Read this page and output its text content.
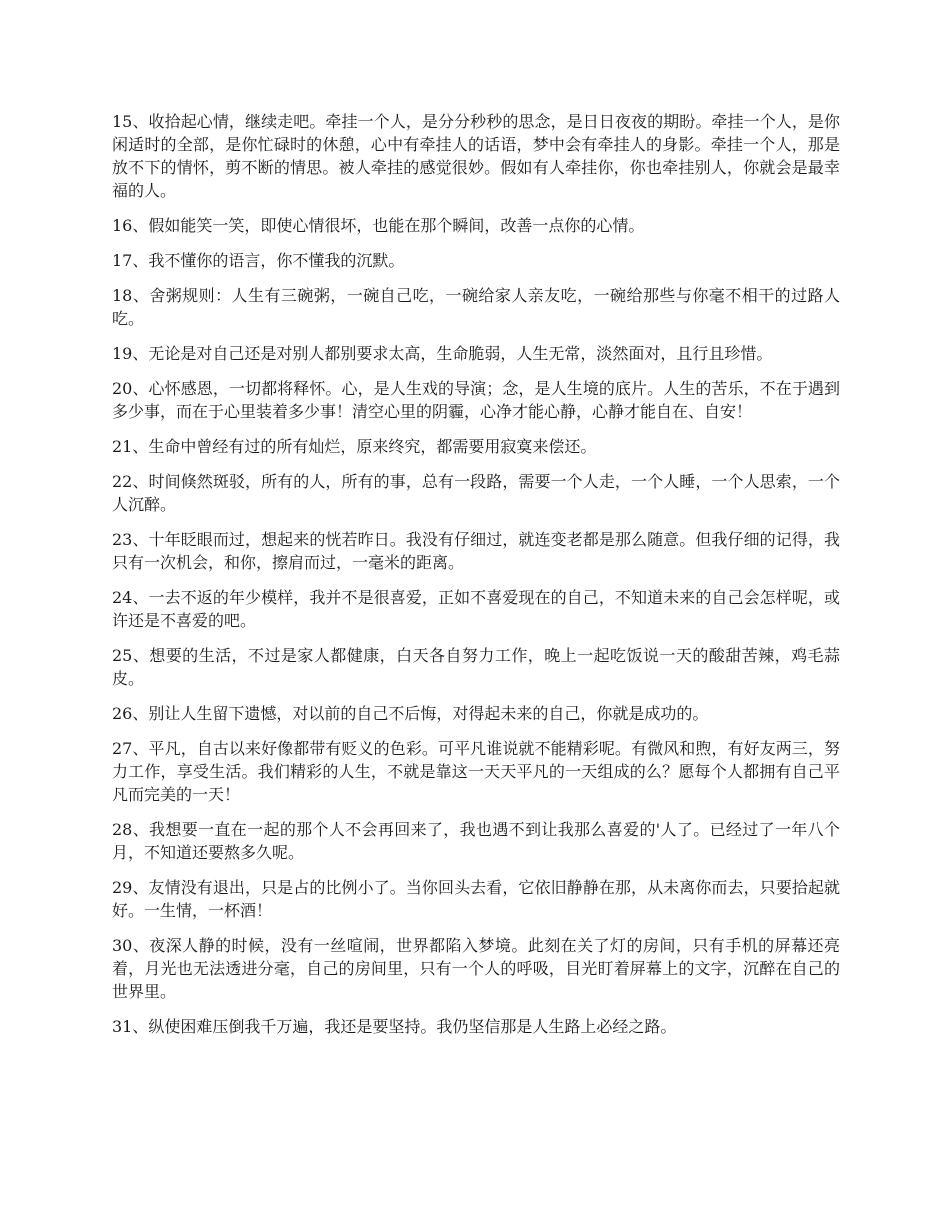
15、收拾起心情，继续走吧。牵挂一个人，是分分秒秒的思念，是日日夜夜的期盼。牵挂一个人，是你闲适时的全部，是你忙碌时的休憩，心中有牵挂人的话语，梦中会有牵挂人的身影。牵挂一个人，那是放不下的情怀，剪不断的情思。被人牵挂的感觉很妙。假如有人牵挂你，你也牵挂别人，你就会是最幸福的人。

16、假如能笑一笑，即使心情很坏，也能在那个瞬间，改善一点你的心情。

17、我不懂你的语言，你不懂我的沉默。

18、舍粥规则：人生有三碗粥，一碗自己吃，一碗给家人亲友吃，一碗给那些与你毫不相干的过路人吃。

19、无论是对自己还是对别人都别要求太高，生命脆弱，人生无常，淡然面对，且行且珍惜。

20、心怀感恩，一切都将释怀。心，是人生戏的导演；念，是人生境的底片。人生的苦乐，不在于遇到多少事，而在于心里装着多少事！清空心里的阴霾，心净才能心静，心静才能自在、自安！

21、生命中曾经有过的所有灿烂，原来终究，都需要用寂寞来偿还。

22、时间倏然斑驳，所有的人，所有的事，总有一段路，需要一个人走，一个人睡，一个人思索，一个人沉醉。

23、十年眨眼而过，想起来的恍若昨日。我没有仔细过，就连变老都是那么随意。但我仔细的记得，我只有一次机会，和你，擦肩而过，一毫米的距离。

24、一去不返的年少模样，我并不是很喜爱，正如不喜爱现在的自己，不知道未来的自己会怎样呢，或许还是不喜爱的吧。

25、想要的生活，不过是家人都健康，白天各自努力工作，晚上一起吃饭说一天的酸甜苦辣，鸡毛蒜皮。

26、别让人生留下遗憾，对以前的自己不后悔，对得起未来的自己，你就是成功的。

27、平凡，自古以来好像都带有贬义的色彩。可平凡谁说就不能精彩呢。有微风和煦，有好友两三，努力工作，享受生活。我们精彩的人生，不就是靠这一天天平凡的一天组成的么？愿每个人都拥有自己平凡而完美的一天！

28、我想要一直在一起的那个人不会再回来了，我也遇不到让我那么喜爱的'人了。已经过了一年八个月，不知道还要熬多久呢。

29、友情没有退出，只是占的比例小了。当你回头去看，它依旧静静在那，从未离你而去，只要拾起就好。一生情，一杯酒！

30、夜深人静的时候，没有一丝喧闹，世界都陷入梦境。此刻在关了灯的房间，只有手机的屏幕还亮着，月光也无法透进分毫，自己的房间里，只有一个人的呼吸，目光盯着屏幕上的文字，沉醉在自己的世界里。

31、纵使困难压倒我千万遍，我还是要坚持。我仍坚信那是人生路上必经之路。
